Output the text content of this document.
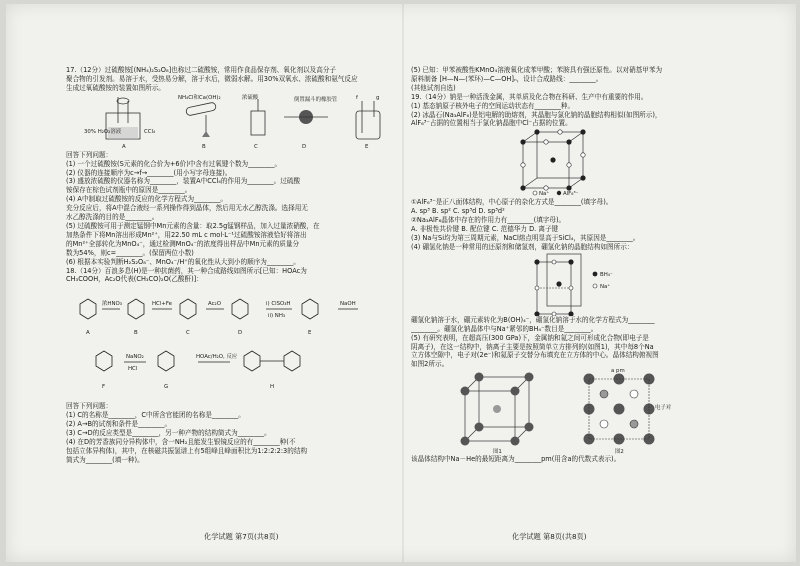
17.（12分）过硫酸铵[(NH₄)₂S₂O₈]也称过二硫酸铵，常用作食品保存剂、氧化剂以及高分子

聚合物的引发剂。易溶于水，受热易分解，溶于水后，微弱水解。用30%双氧水、浓硫酸和氨气反应

生成过氧硫酸铵的装置如图所示。

30% H₂O₂溶液	CCl₄
A
NH₄Cl和Ca(OH)₂
B
浓硫酸
C
倒置漏斗的橡胶管
D
f	g
E

回答下列问题：

(1) 一个过硫酸铵(S元素的化合价为+6价)中含有过氧键个数为________。

(2) 仪器的连接顺序为c→f→________(用小写字母连接)。

(3) 盛放浓硫酸的仪器名称为________，装置A中CCl₄的作用为________。过硫酸

铵保存在棕色试剂瓶中的原因是________。

(4) A中制取过硫酸铵的反应的化学方程式为________。

充分反应后，将A中混合液经一系列操作得到晶体，然后用无水乙醇洗涤。选择用无

水乙醇洗涤的目的是________。

(5) 过硫酸铵可用于测定锰钢中Mn元素的含量：取2.5g锰钢样品，加入过量浓硝酸，在

加热条件下将Mn溶出形成Mn²⁺，用22.50 mL c mol·L⁻¹过硫酸铵溶液恰好将溶出

的Mn²⁺全部转化为MnO₄⁻，通过检测MnO₄⁻的浓度得出样品中Mn元素的质量分

数为54%，则c=________。(保留两位小数)

(6) 根据本实验判断H₂S₂O₈⁻、MnO₄⁻/H⁺的氧化性从大到小的顺序为________。

18.（14分）百浪多息(H)是一种抗菌药，其一种合成路线如图所示[已知：HOAc为

CH₃COOH，Ac₂O代表(CH₃CO)₂O(乙酸酐)]：

浓HNO₃	HCl+Fe	Ac₂O	i) ClSO₃H
ii) NH₃
NaOH
A	B	C	D	E
NaNO₂
HCl
HOAc/H₂O, 反应
F	G	H

回答下列问题：

(1) C的名称是________，C中所含官能团的名称是________。

(2) A→B的试剂和条件是________。

(3) C→D的反应类型是________，另一种产物的结构简式为________。

(4) 在D的芳香族同分异构体中，含一NH₂且能发生银镜反应的有________种(不

包括立体异构体)，其中，在核磁共振氢谱上有5组峰且峰面积比为1:2:2:2:3的结构

简式为________(填一种)。

(5) 已知：甲苯被酸性KMnO₄溶液氧化成苯甲酸；苯胺具有强还原性。以对硝基甲苯为

原料制备 [H—N—⟨苯环⟩—C—OH]ₙ，设计合成路线：________。

(其他试剂自选)

19.（14分）钠是一种活泼金属，其单质及化合物在科研、生产中有重要的作用。

(1) 基态钠原子核外电子的空间运动状态有________种。

(2) 冰晶石(Na₃AlF₆)是铝电解的助熔剂，其晶胞与氯化钠的晶胞结构相似(如图所示)，

AlF₆³⁻占据的位置相当于氯化钠晶胞中Cl⁻占据的位置。

Na⁺	AlF₆³⁻

①AlF₆³⁻是正八面体结构，中心原子的杂化方式是________(填字母)。

A. sp³ B. sp² C. sp³d D. sp³d²

②Na₃AlF₆晶体中存在的作用力有________(填字母)。

A. 非极性共价键 B. 配位键 C. 范德华力 D. 离子键

(3) Na与Si均为第三周期元素，NaCl熔点明显高于SiCl₄，其原因是________。

(4) 硼氢化钠是一种常用的还原剂和储氢剂，硼氢化钠的晶胞结构如图所示：

BH₄⁻
Na⁺

硼氢化钠溶于水，硼元素转化为B(OH)₄⁻，硼氢化钠溶于水的化学方程式为________

________。硼氢化钠晶体中与Na⁺紧邻的BH₄⁻数目是________。

(5) 有研究表明，在超高压(300 GPa)下，金属钠和氦之间可形成化合物(即电子是

阴离子)，在这一结构中，钠离子主要是按照简单立方排列的(如图1)，其中每8个Na

立方体空隙中，电子对(2e⁻)和氦原子交替分布填充在立方体的中心。晶体结构俯视图

如图2所示。

图1	图2
电子对
a pm

该晶体结构中Na－He的最短距离为________pm(用含a的代数式表示)。

化学试题 第7页(共8页)	化学试题 第8页(共8页)
